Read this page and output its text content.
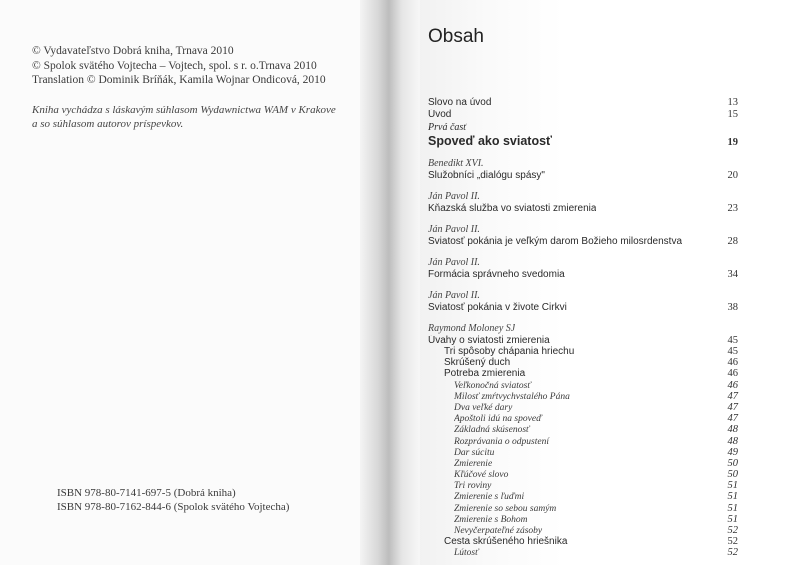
© Vydavateľstvo Dobrá kniha, Trnava 2010
© Spolok svätého Vojtecha – Vojtech, spol. s r. o.Trnava 2010
Translation © Dominik Bríňák, Kamila Wojnar Ondicová, 2010
Kniha vychádza s láskavým súhlasom Wydawnictwa WAM v Krakove
a so súhlasom autorov príspevkov.
ISBN 978-80-7141-697-5 (Dobrá kniha)
ISBN 978-80-7162-844-6 (Spolok svätého Vojtecha)
Obsah
Slovo na úvod	13
Úvod	15
Prvá časť
Spoveď ako sviatosť	19
Benedikt XVI.
Služobníci „dialógu spásy"	20
Ján Pavol II.
Kňazská služba vo sviatosti zmierenia	23
Ján Pavol II.
Sviatosť pokánia je veľkým darom Božieho milosrdenstva	28
Ján Pavol II.
Formácia správneho svedomia	34
Ján Pavol II.
Sviatosť pokánia v živote Cirkvi	38
Raymond Moloney SJ
Úvahy o sviatosti zmierenia	45
Tri spôsoby chápania hriechu	45
Skrúšený duch	46
Potreba zmierenia	46
Veľkonočná sviatosť	46
Milosť zmŕtvychvstalého Pána	47
Dva veľké dary	47
Apoštoli idú na spoveď	47
Základná skúsenosť	48
Rozprávania o odpustení	48
Dar súcitu	49
Zmierenie	50
Kľúčové slovo	50
Tri roviny	51
Zmierenie s ľuďmi	51
Zmierenie so sebou samým	51
Zmierenie s Bohom	51
Nevyčerpateľné zásoby	52
Cesta skrúšeného hriešnika	52
Lútosť	52
